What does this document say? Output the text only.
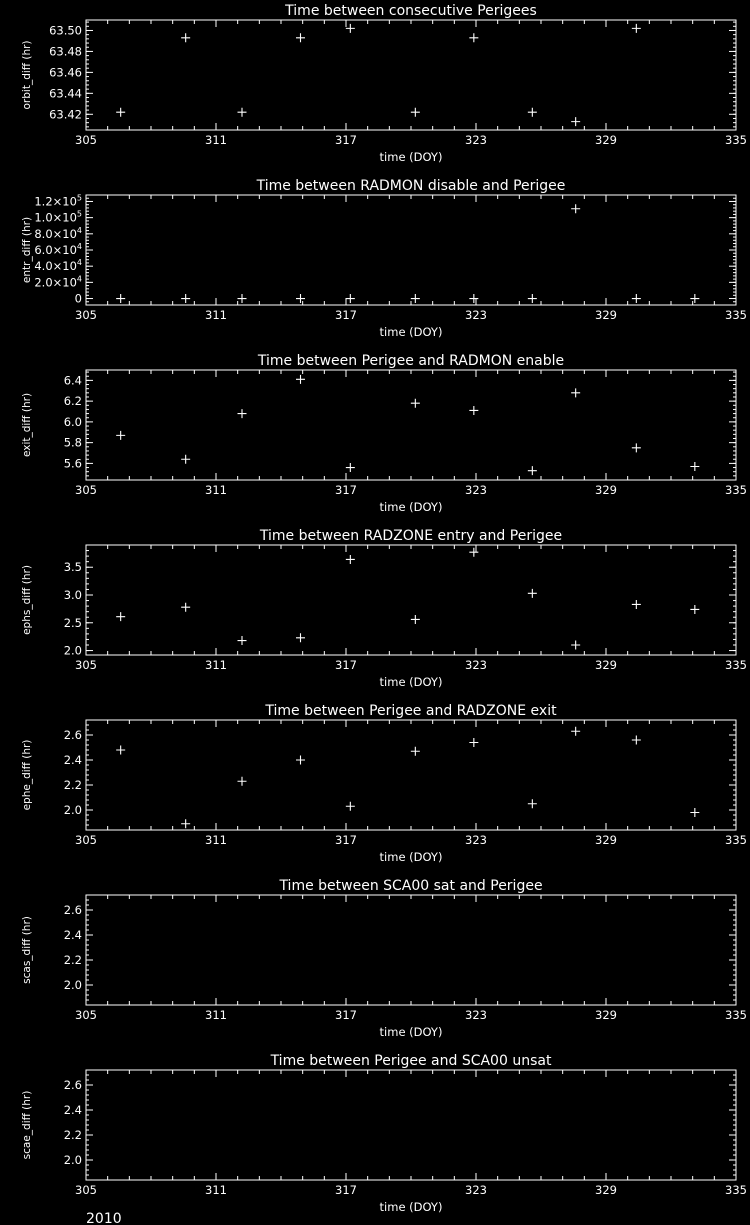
2010
Time between consecutive Perigees
305	311	317	323	329	335
time (DOY)
63.42
63.44
63.46
63.48
63.50
orbit_diff (hr)
Time between RADMON disable and Perigee
305	311	317	323	329	335
time (DOY)
0
$2.0\times 10^4$
$4.0\times 10^4$
$6.0\times 10^4$
$8.0\times 10^4$
$1.0\times 10^5$
$1.2\times 10^5$
entr_diff (hr)
Time between Perigee and RADMON enable
305	311	317	323	329	335
time (DOY)
5.6
5.8
6.0
6.2
6.4
exit_diff (hr)
Time between RADZONE entry and Perigee
305	311	317	323	329	335
time (DOY)
2.0
2.5
3.0
3.5
ephs_diff (hr)
Time between Perigee and RADZONE exit
305	311	317	323	329	335
time (DOY)
2.0
2.2
2.4
2.6
ephe_diff (hr)
Time between SCA00 sat and Perigee
305	311	317	323	329	335
time (DOY)
2.0
2.2
2.4
2.6
scas_diff (hr)
Time between Perigee and SCA00 unsat
305	311	317	323	329	335
time (DOY)
2.0
2.2
2.4
2.6
scae_diff (hr)
